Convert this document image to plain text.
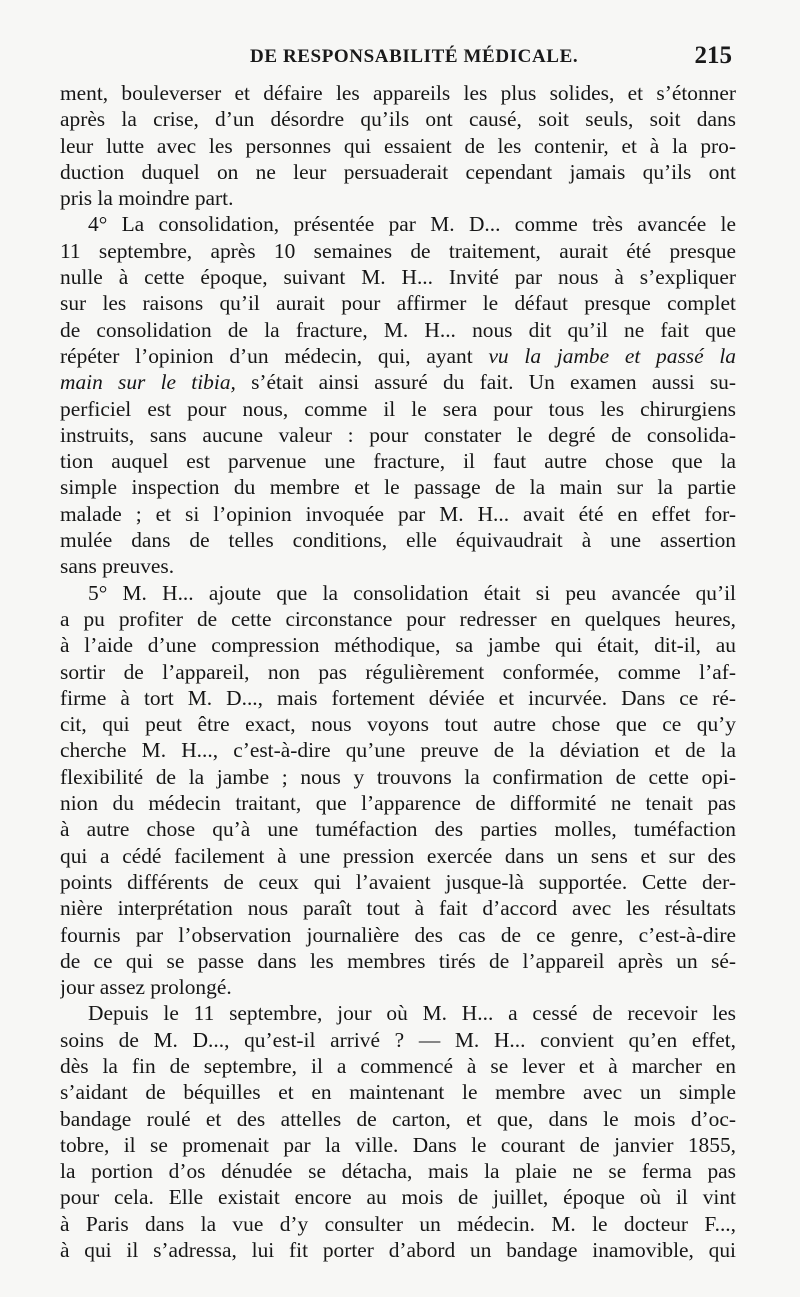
DE RESPONSABILITÉ MÉDICALE.	215
ment, bouleverser et défaire les appareils les plus solides, et s’étonner
après la crise, d’un désordre qu’ils ont causé, soit seuls, soit dans
leur lutte avec les personnes qui essaient de les contenir, et à la pro-
duction duquel on ne leur persuaderait cependant jamais qu’ils ont
pris la moindre part.
4° La consolidation, présentée par M. D... comme très avancée le
11 septembre, après 10 semaines de traitement, aurait été presque
nulle à cette époque, suivant M. H... Invité par nous à s’expliquer
sur les raisons qu’il aurait pour affirmer le défaut presque complet
de consolidation de la fracture, M. H... nous dit qu’il ne fait que
répéter l’opinion d’un médecin, qui, ayant vu la jambe et passé la
main sur le tibia, s’était ainsi assuré du fait. Un examen aussi su-
perficiel est pour nous, comme il le sera pour tous les chirurgiens
instruits, sans aucune valeur : pour constater le degré de consolida-
tion auquel est parvenue une fracture, il faut autre chose que la
simple inspection du membre et le passage de la main sur la partie
malade ; et si l’opinion invoquée par M. H... avait été en effet for-
mulée dans de telles conditions, elle équivaudrait à une assertion
sans preuves.
5° M. H... ajoute que la consolidation était si peu avancée qu’il
a pu profiter de cette circonstance pour redresser en quelques heures,
à l’aide d’une compression méthodique, sa jambe qui était, dit-il, au
sortir de l’appareil, non pas régulièrement conformée, comme l’af-
firme à tort M. D..., mais fortement déviée et incurvée. Dans ce ré-
cit, qui peut être exact, nous voyons tout autre chose que ce qu’y
cherche M. H..., c’est-à-dire qu’une preuve de la déviation et de la
flexibilité de la jambe ; nous y trouvons la confirmation de cette opi-
nion du médecin traitant, que l’apparence de difformité ne tenait pas
à autre chose qu’à une tuméfaction des parties molles, tuméfaction
qui a cédé facilement à une pression exercée dans un sens et sur des
points différents de ceux qui l’avaient jusque-là supportée. Cette der-
nière interprétation nous paraît tout à fait d’accord avec les résultats
fournis par l’observation journalière des cas de ce genre, c’est-à-dire
de ce qui se passe dans les membres tirés de l’appareil après un sé-
jour assez prolongé.
Depuis le 11 septembre, jour où M. H... a cessé de recevoir les
soins de M. D..., qu’est-il arrivé ? — M. H... convient qu’en effet,
dès la fin de septembre, il a commencé à se lever et à marcher en
s’aidant de béquilles et en maintenant le membre avec un simple
bandage roulé et des attelles de carton, et que, dans le mois d’oc-
tobre, il se promenait par la ville. Dans le courant de janvier 1855,
la portion d’os dénudée se détacha, mais la plaie ne se ferma pas
pour cela. Elle existait encore au mois de juillet, époque où il vint
à Paris dans la vue d’y consulter un médecin. M. le docteur F...,
à qui il s’adressa, lui fit porter d’abord un bandage inamovible, qui
